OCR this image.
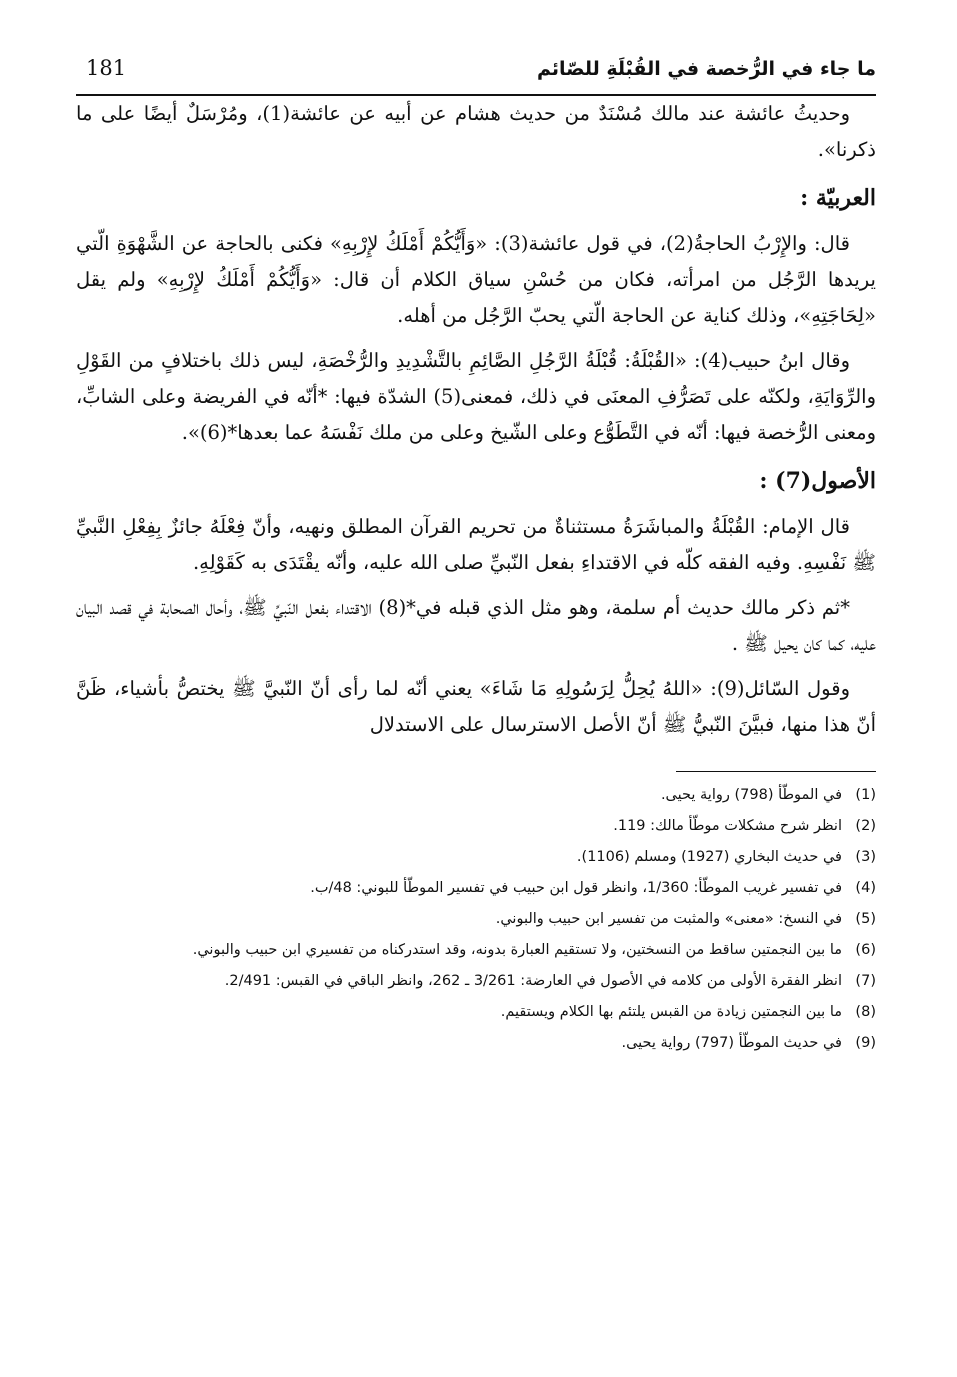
ما جاء في الرُّخصة في القُبْلَةِ للصّائم
181

وحديثُ عائشة عند مالك مُسْنَدٌ من حديث هشام عن أبيه عن عائشة(1)، ومُرْسَلٌ أيضًا على ما ذكرنا».

العربيّة :

قال: والإِرْبُ الحاجةُ(2)، في قول عائشة(3): «وَأَيُّكُمْ أَمْلَكُ لإِرْبِهِ» فكنى بالحاجة عن الشَّهْوَةِ الّتي يريدها الرَّجُل من امرأته، فكان من حُسْنِ سياق الكلام أن قال: «وَأَيُّكُمْ أَمْلَكُ لإِرْبِهِ» ولم يقل «لِحَاجَتِهِ»، وذلك كناية عن الحاجة الّتي يحبّ الرَّجُل من أهله.

وقال ابنُ حبيب(4): «القُبْلَةُ: قُبْلَةُ الرَّجُلِ الصَّائِمِ بالتَّشْدِيدِ والرُّخْصَةِ، ليس ذلك باختلافٍ من القَوْلِ والرِّوَايَةِ، ولكنّه على تَصَرُّفِ المعنَى في ذلك، فمعنى(5) الشدّة فيها: *أنّه في الفريضة وعلى الشابِّ، ومعنى الرُّخصة فيها: أنّه في التَّطَوُّع وعلى الشّيخ وعلى من ملك نَفْسَهُ عما بعدها*(6)».

الأصول(7) :

قال الإمام: القُبْلَةُ والمباشَرَةُ مستثناةٌ من تحريم القرآن المطلق ونهيه، وأنّ فِعْلَهُ جائزٌ بِفِعْلِ النَّبيِّ ﷺ نَفْسِهِ. وفيه الفقه كلّه في الاقتداءِ بفعل النّبيِّ صلى الله عليه، وأنّه يقْتَدَى به كَقَوْلِهِ.

*ثم ذكر مالك حديث أم سلمة، وهو مثل الذي قبله في*(8) الاقتداء بفعل النّبيِّ ﷺ، وأحال الصحابة في قصد البيان عليه، كما كان يحيل ﷺ .

وقول السّائل(9): «اللهُ يُحِلُّ لِرَسُولِهِ مَا شَاءَ» يعني أنّه لما رأى أنّ النّبيَّ ﷺ يختصُّ بأشياء، ظَنَّ أنّ هذا منها، فبيَّنَ النّبيُّ ﷺ أنّ الأصل الاسترسال على الاستدلال

(1)في الموطّأ (798) رواية يحيى.
(2)انظر شرح مشكلات موطّأ مالك: 119.
(3)في حديث البخاري (1927) ومسلم (1106).
(4)في تفسير غريب الموطّأ: 1/360، وانظر قول ابن حبيب في تفسير الموطّأ للبوني: 48/ب.
(5)في النسخ: «معنى» والمثبت من تفسير ابن حبيب والبوني.
(6)ما بين النجمتين ساقط من النسختين، ولا تستقيم العبارة بدونه، وقد استدركناه من تفسيري ابن حبيب والبوني.
(7)انظر الفقرة الأولى من كلامه في الأصول في العارضة: 3/261 ـ 262، وانظر الباقي في القبس: 2/491.
(8)ما بين النجمتين زيادة من القبس يلتئم بها الكلام ويستقيم.
(9)في حديث الموطّأ (797) رواية يحيى.
